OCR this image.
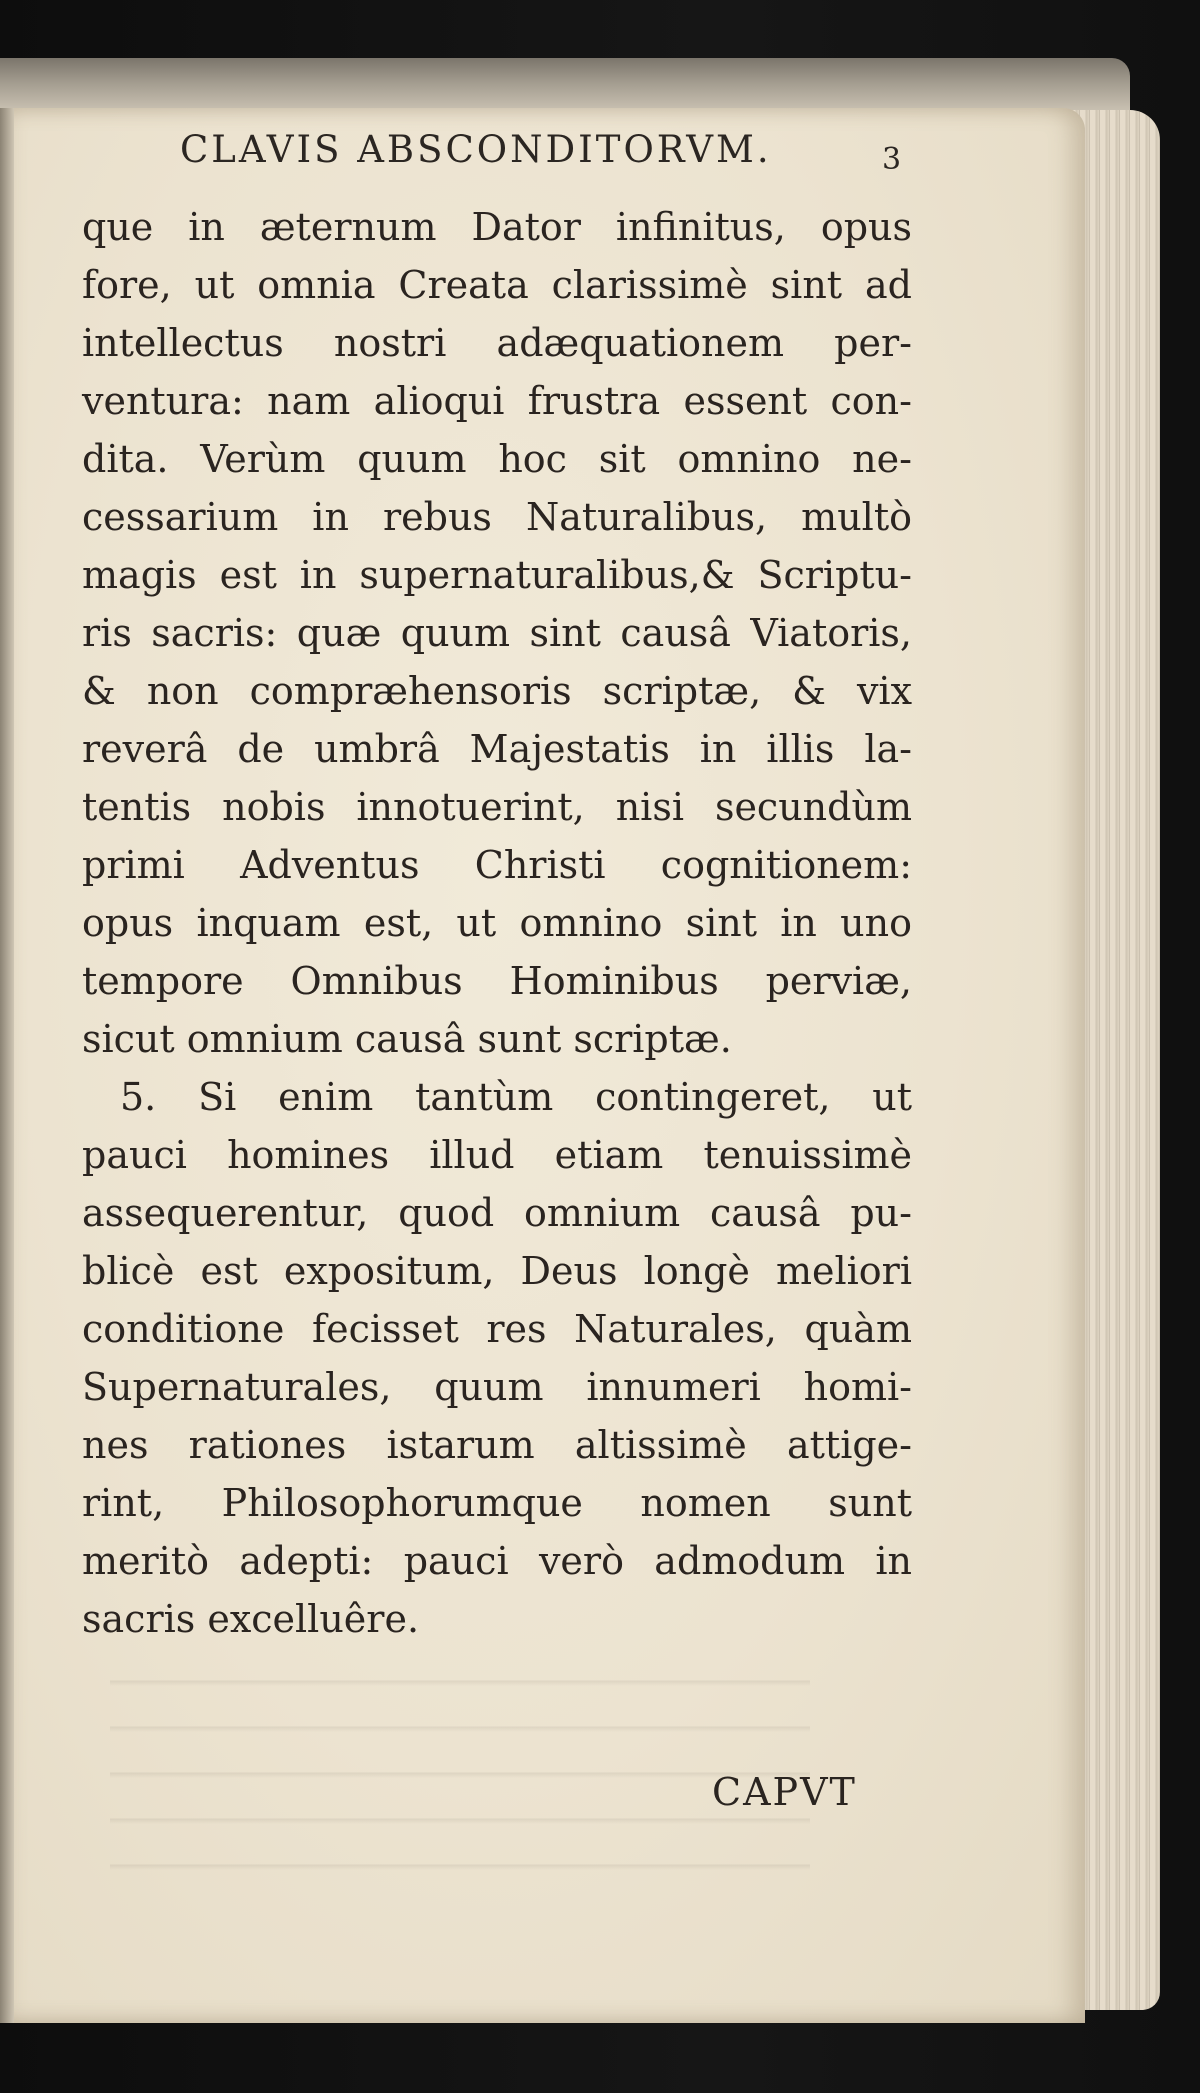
CLAVIS ABSCONDITORVM.	3
que in æternum Dator infinitus, opus
fore, ut omnia Creata clarissimè sint ad
intellectus nostri adæquationem per-
ventura: nam alioqui frustra essent con-
dita. Verùm quum hoc sit omnino ne-
cessarium in rebus Naturalibus, multò
magis est in supernaturalibus,& Scriptu-
ris sacris: quæ quum sint causâ Viatoris,
& non compræhensoris scriptæ, & vix
reverâ de umbrâ Majestatis in illis la-
tentis nobis innotuerint, nisi secundùm
primi Adventus Christi cognitionem:
opus inquam est, ut omnino sint in uno
tempore Omnibus Hominibus perviæ,
sicut omnium causâ sunt scriptæ.
5. Si enim tantùm contingeret, ut
pauci homines illud etiam tenuissimè
assequerentur, quod omnium causâ pu-
blicè est expositum, Deus longè meliori
conditione fecisset res Naturales, quàm
Supernaturales, quum innumeri homi-
nes rationes istarum altissimè attige-
rint, Philosophorumque nomen sunt
meritò adepti: pauci verò admodum in
sacris excelluêre.
CAPVT
